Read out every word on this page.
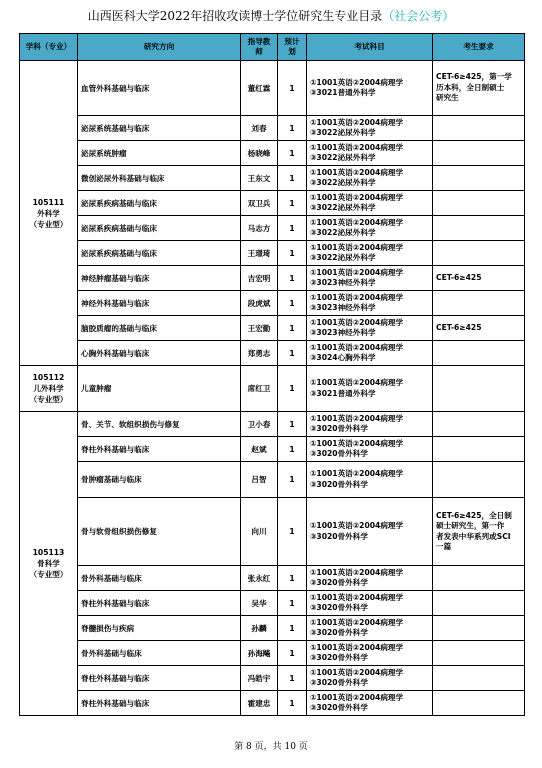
山西医科大学2022年招收攻读博士学位研究生专业目录（社会公考）
学科（专业）	研究方向	指导教师	预计划	考试科目	考生要求

105111
外科学
（专业型）	血管外科基础与临床	董红霖	1	①1001英语②2004病理学
③3021普通外科学	CET-6≥425，第一学
历本科，全日制硕士
研究生

	泌尿系统基础与临床	刘春	1	①1001英语②2004病理学
③3022泌尿外科学	

	泌尿系统肿瘤	杨晓峰	1	①1001英语②2004病理学
③3022泌尿外科学	

	微创泌尿外科基础与临床	王东文	1	①1001英语②2004病理学
③3022泌尿外科学	

	泌尿系疾病基础与临床	双卫兵	1	①1001英语②2004病理学
③3022泌尿外科学	

	泌尿系疾病基础与临床	马志方	1	①1001英语②2004病理学
③3022泌尿外科学	

	泌尿系疾病基础与临床	王璟琦	1	①1001英语②2004病理学
③3022泌尿外科学	

	神经肿瘤基础与临床	吉宏明	1	①1001英语②2004病理学
③3023神经外科学	CET-6≥425

	神经外科基础与临床	段虎斌	1	①1001英语②2004病理学
③3023神经外科学	

	脑胶质瘤的基础与临床	王宏勤	1	①1001英语②2004病理学
③3023神经外科学	CET-6≥425

	心胸外科基础与临床	郑勇志	1	①1001英语②2004病理学
③3024心胸外科学	

105112
儿外科学
（专业型）	儿童肿瘤	席红卫	1	①1001英语②2004病理学
③3021普通外科学	

105113
骨科学
（专业型）	骨、关节、软组织损伤与修复	卫小春	1	①1001英语②2004病理学
③3020骨外科学	

	脊柱外科基础与临床	赵斌	1	①1001英语②2004病理学
③3020骨外科学	

	骨肿瘤基础与临床	吕智	1	①1001英语②2004病理学
③3020骨外科学	

	骨与软骨组织损伤修复	向川	1	①1001英语②2004病理学
③3020骨外科学	CET-6≥425，全日制
硕士研究生，第一作
者发表中华系列或SCI
一篇

	骨外科基础与临床	张永红	1	①1001英语②2004病理学
③3020骨外科学	

	脊柱外科基础与临床	吴华	1	①1001英语②2004病理学
③3020骨外科学	

	脊髓损伤与疾病	孙麟	1	①1001英语②2004病理学
③3020骨外科学	

	骨外科基础与临床	孙海飚	1	①1001英语②2004病理学
③3020骨外科学	

	脊柱外科基础与临床	冯皓宇	1	①1001英语②2004病理学
③3020骨外科学	

	脊柱外科基础与临床	霍建忠	1	①1001英语②2004病理学
③3020骨外科学	

第 8 页，共 10 页
